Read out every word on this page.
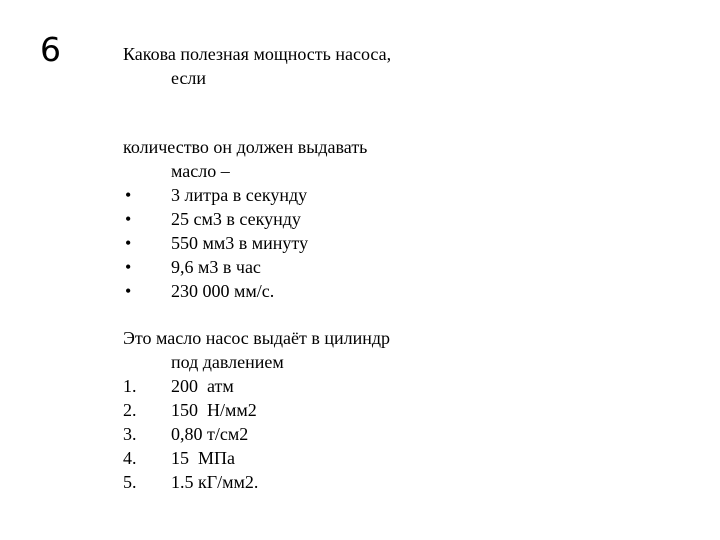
6	Какова полезная мощность насоса,
если
количество он должен выдавать
масло –
•	3 литра в секунду
•	25 см3 в секунду
•	550 мм3 в минуту
•	9,6 м3 в час
•	230 000 мм/с.
Это масло насос выдаёт в цилиндр
под давлением
1.	200  атм
2.	150  Н/мм2
3.	0,80 т/см2
4.	15  МПа
5.	1.5 кГ/мм2.
